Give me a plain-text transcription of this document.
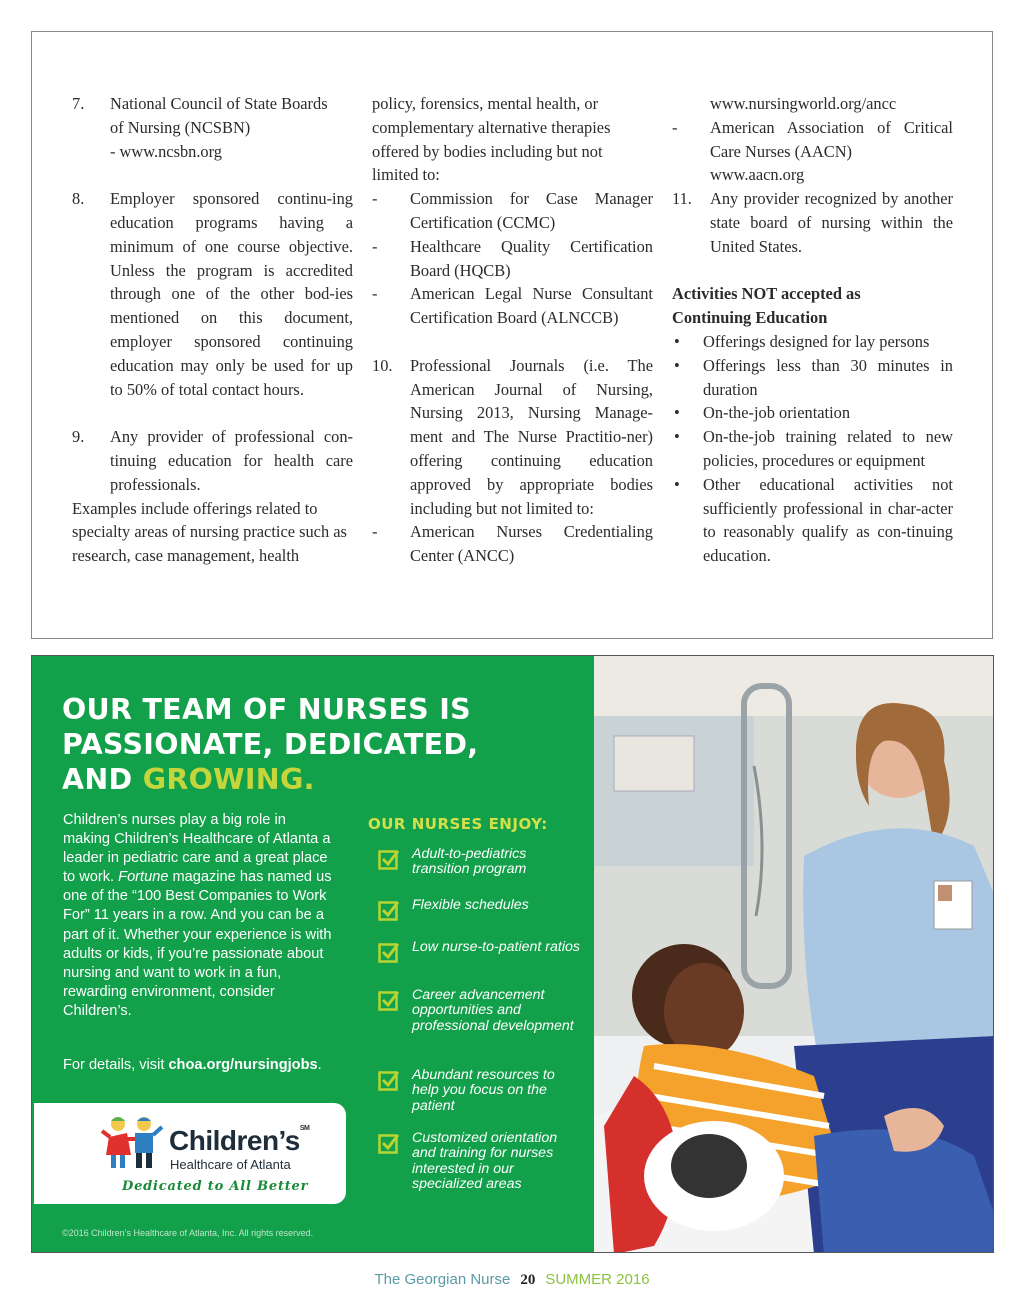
7.	National Council of State Boards
of Nursing (NCSBN)
- www.ncsbn.org
8.	Employer sponsored continu-ing education programs having a minimum of one course objective. Unless the program is accredited through one of the other bod-ies mentioned on this document, employer sponsored continuing education may only be used for up to 50% of total contact hours.
9.	Any provider of professional con-tinuing education for health care professionals.
Examples include offerings related to specialty areas of nursing practice such as research, case management, health
policy, forensics, mental health, or complementary alternative therapies offered by bodies including but not limited to:
-	Commission for Case Manager Certification (CCMC)
-	Healthcare Quality Certification Board (HQCB)
-	American Legal Nurse Consultant Certification Board (ALNCCB)
10.	Professional Journals (i.e. The American Journal of Nursing, Nursing 2013, Nursing Manage-ment and The Nurse Practitio-ner) offering continuing education approved by appropriate bodies including but not limited to:
-	American Nurses Credentialing Center (ANCC)
www.nursingworld.org/ancc
-	American Association of Critical Care Nurses (AACN)
www.aacn.org
11.	Any provider recognized by another state board of nursing within the United States.
Activities NOT accepted as
Continuing Education
•	Offerings designed for lay persons
•	Offerings less than 30 minutes in duration
•	On-the-job orientation
•	On-the-job training related to new policies, procedures or equipment
•	Other educational activities not sufficiently professional in char-acter to reasonably qualify as con-tinuing education.
OUR TEAM OF NURSES IS
PASSIONATE, DEDICATED,
AND GROWING.
Children’s nurses play a big role in making Children’s Healthcare of Atlanta a leader in pediatric care and a great place to work. Fortune magazine has named us one of the “100 Best Companies to Work For” 11 years in a row. And you can be a part of it. Whether your experience is with adults or kids, if you’re passionate about nursing and want to work in a fun, rewarding environment, consider Children’s.
For details, visit choa.org/nursingjobs.
Children’s℠
Healthcare of Atlanta
Dedicated to All Better
©2016 Children’s Healthcare of Atlanta, Inc. All rights reserved.
OUR NURSES ENJOY:
Adult-to-pediatrics transition program
Flexible schedules
Low nurse-to-patient ratios
Career advancement opportunities and professional development
Abundant resources to help you focus on the patient
Customized orientation and training for nurses interested in our specialized areas
The Georgian Nurse 20 SUMMER 2016
